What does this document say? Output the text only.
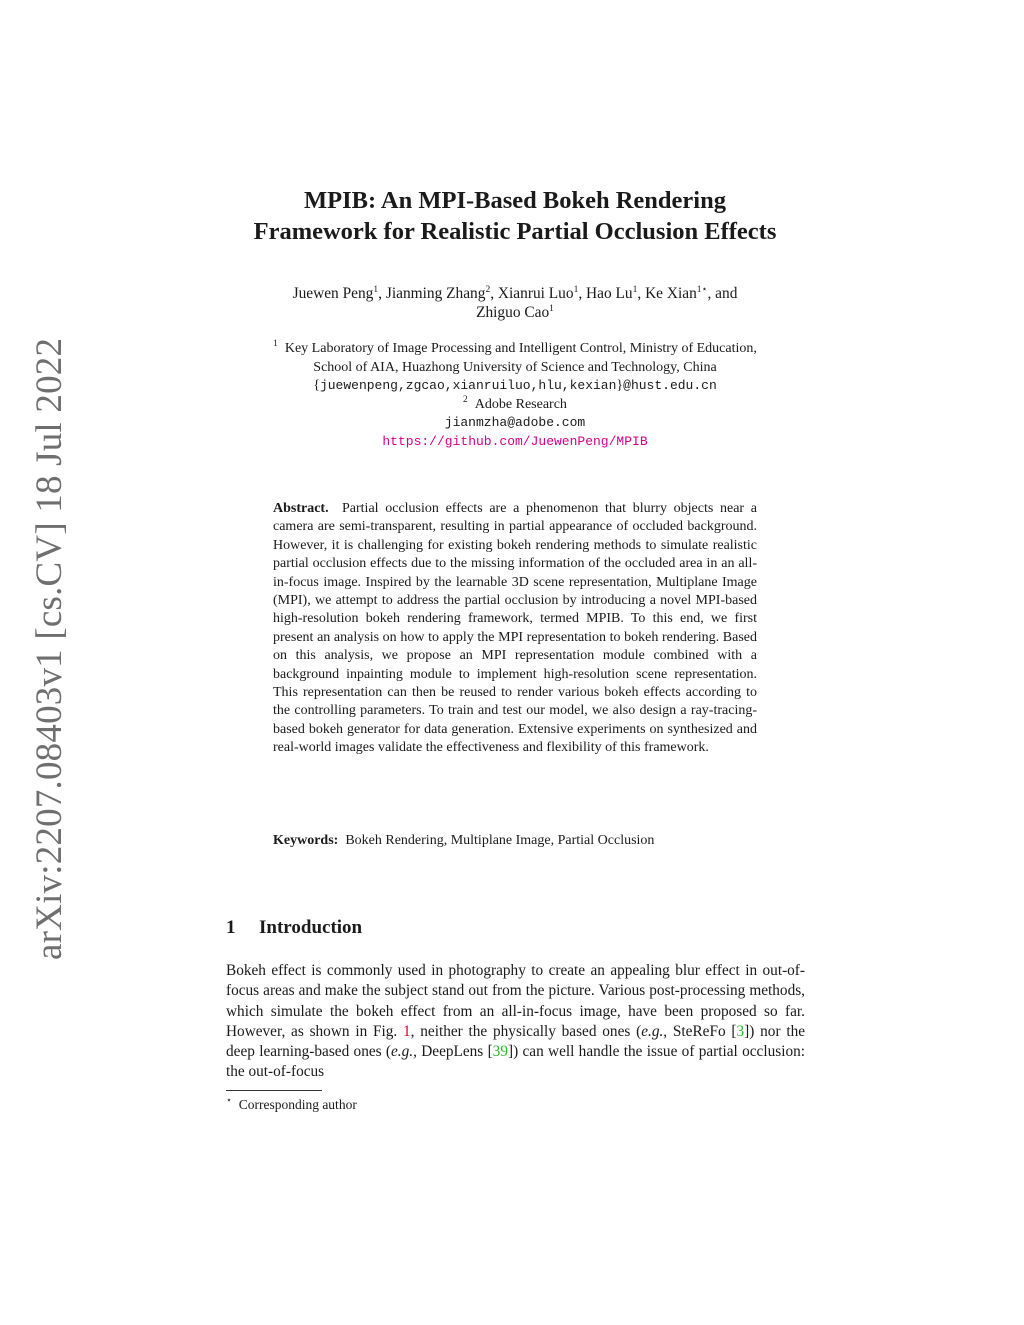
arXiv:2207.08403v1 [cs.CV] 18 Jul 2022
MPIB: An MPI-Based Bokeh Rendering
Framework for Realistic Partial Occlusion Effects
Juewen Peng$^1$, Jianming Zhang$^2$, Xianrui Luo$^1$, Hao Lu$^1$, Ke Xian$^{1⋆}$, and
Zhiguo Cao$^1$
$^1$ Key Laboratory of Image Processing and Intelligent Control, Ministry of Education,
School of AIA, Huazhong University of Science and Technology, China
{juewenpeng,zgcao,xianruiluo,hlu,kexian}@hust.edu.cn
$^2$ Adobe Research
jianmzha@adobe.com
https://github.com/JuewenPeng/MPIB
Abstract. Partial occlusion effects are a phenomenon that blurry objects near a camera are semi-transparent, resulting in partial appearance of occluded background. However, it is challenging for existing bokeh rendering methods to simulate realistic partial occlusion effects due to the missing information of the occluded area in an all-in-focus image. Inspired by the learnable 3D scene representation, Multiplane Image (MPI), we attempt to address the partial occlusion by introducing a novel MPI-based high-resolution bokeh rendering framework, termed MPIB. To this end, we first present an analysis on how to apply the MPI representation to bokeh rendering. Based on this analysis, we propose an MPI representation module combined with a background inpainting module to implement high-resolution scene representation. This representation can then be reused to render various bokeh effects according to the controlling parameters. To train and test our model, we also design a ray-tracing-based bokeh generator for data generation. Extensive experiments on synthesized and real-world images validate the effectiveness and flexibility of this framework.
Keywords: Bokeh Rendering, Multiplane Image, Partial Occlusion
1 Introduction
Bokeh effect is commonly used in photography to create an appealing blur effect in out-of-focus areas and make the subject stand out from the picture. Various post-processing methods, which simulate the bokeh effect from an all-in-focus image, have been proposed so far. However, as shown in Fig. 1, neither the physically based ones (e.g., SteReFo [3]) nor the deep learning-based ones (e.g., DeepLens [39]) can well handle the issue of partial occlusion: the out-of-focus
⋆ Corresponding author
